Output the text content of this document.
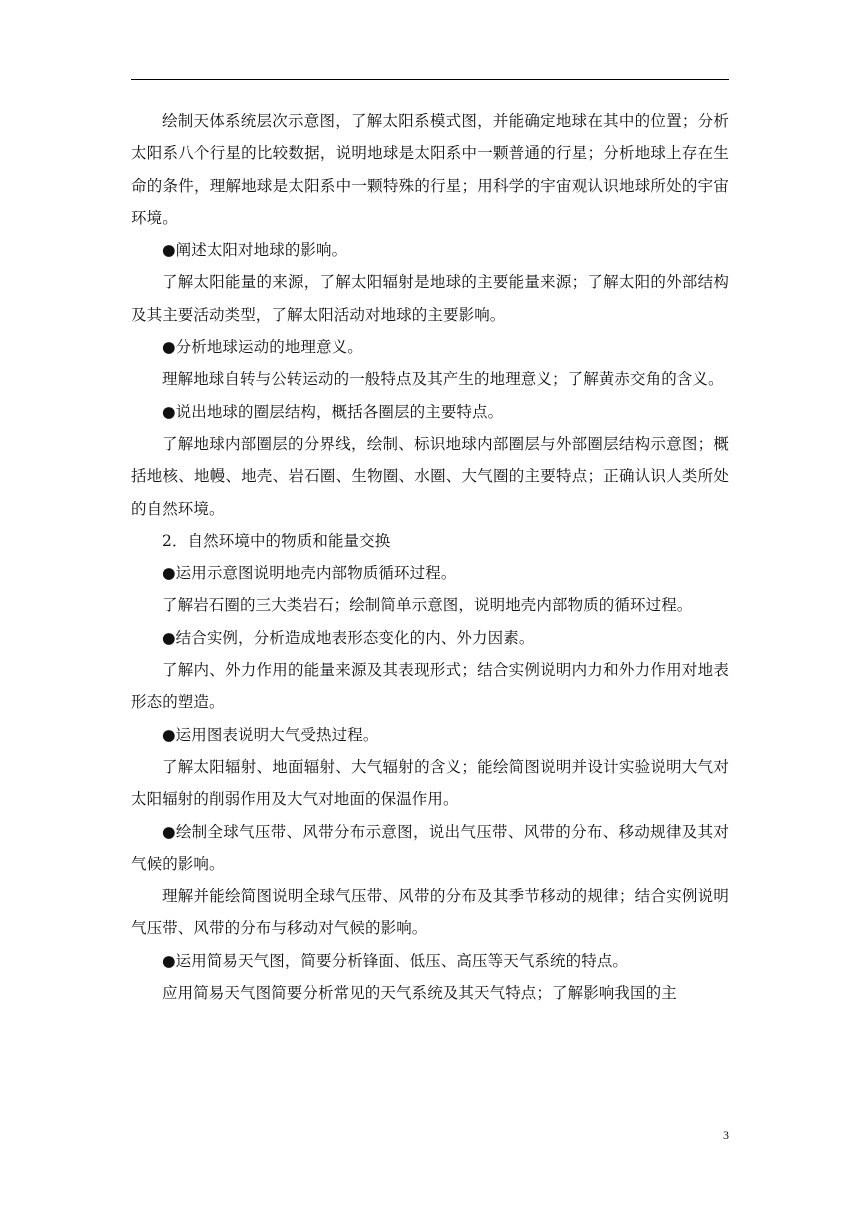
绘制天体系统层次示意图，了解太阳系模式图，并能确定地球在其中的位置；分析太阳系八个行星的比较数据，说明地球是太阳系中一颗普通的行星；分析地球上存在生命的条件，理解地球是太阳系中一颗特殊的行星；用科学的宇宙观认识地球所处的宇宙环境。

●阐述太阳对地球的影响。

了解太阳能量的来源，了解太阳辐射是地球的主要能量来源；了解太阳的外部结构及其主要活动类型，了解太阳活动对地球的主要影响。

●分析地球运动的地理意义。

理解地球自转与公转运动的一般特点及其产生的地理意义；了解黄赤交角的含义。

●说出地球的圈层结构，概括各圈层的主要特点。

了解地球内部圈层的分界线，绘制、标识地球内部圈层与外部圈层结构示意图；概括地核、地幔、地壳、岩石圈、生物圈、水圈、大气圈的主要特点；正确认识人类所处的自然环境。

2．自然环境中的物质和能量交换

●运用示意图说明地壳内部物质循环过程。

了解岩石圈的三大类岩石；绘制简单示意图，说明地壳内部物质的循环过程。

●结合实例，分析造成地表形态变化的内、外力因素。

了解内、外力作用的能量来源及其表现形式；结合实例说明内力和外力作用对地表形态的塑造。

●运用图表说明大气受热过程。

了解太阳辐射、地面辐射、大气辐射的含义；能绘简图说明并设计实验说明大气对太阳辐射的削弱作用及大气对地面的保温作用。

●绘制全球气压带、风带分布示意图，说出气压带、风带的分布、移动规律及其对气候的影响。

理解并能绘简图说明全球气压带、风带的分布及其季节移动的规律；结合实例说明气压带、风带的分布与移动对气候的影响。

●运用简易天气图，简要分析锋面、低压、高压等天气系统的特点。

应用简易天气图简要分析常见的天气系统及其天气特点；了解影响我国的主

3
